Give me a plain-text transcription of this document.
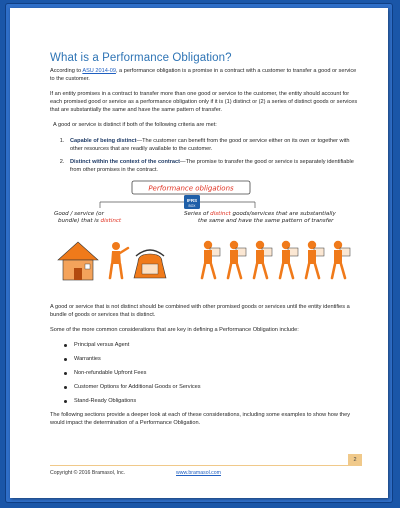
What is a Performance Obligation?

According to ASU 2014-09, a performance obligation is a promise in a contract with a customer to transfer a good or service to the customer.

If an entity promises in a contract to transfer more than one good or service to the customer, the entity should account for each promised good or service as a performance obligation only if it is (1) distinct or (2) a series of distinct goods or services that are substantially the same and have the same pattern of transfer.

A good or service is distinct if both of the following criteria are met:

1. Capable of being distinct—The customer can benefit from the good or service either on its own or together with other resources that are readily available to the customer.
2. Distinct within the context of the contract—The promise to transfer the good or service is separately identifiable from other promises in the contract.
Performance obligations
IFRS
BOX
Good / service (or
bundle) that is distinct
Series of distinct goods/services that are substantially
the same and have the same pattern of transfer

A good or service that is not distinct should be combined with other promised goods or services until the entity identifies a bundle of goods or services that is distinct.

Some of the more common considerations that are key in defining a Performance Obligation include:

Principal versus Agent
Warranties
Non-refundable Upfront Fees
Customer Options for Additional Goods or Services
Stand-Ready Obligations

The following sections provide a deeper look at each of these considerations, including some examples to show how they would impact the determination of a Performance Obligation.

Copyright © 2016 Bramasol, Inc.	www.bramasol.com
2
